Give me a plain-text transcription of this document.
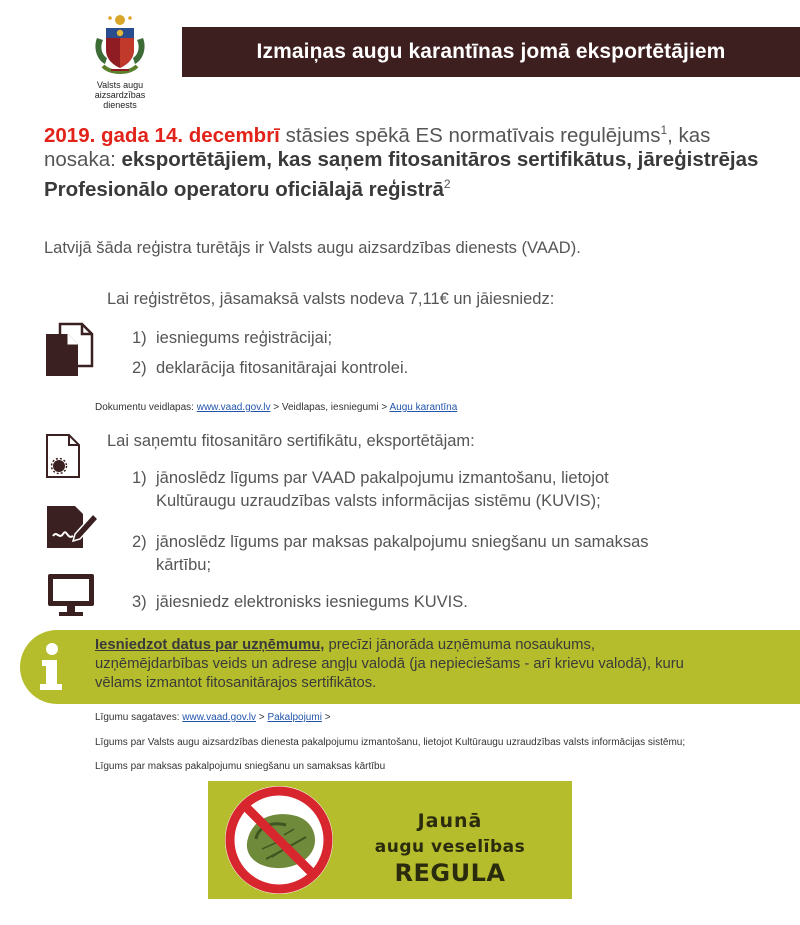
Valsts augu
aizsardzības dienests
Izmaiņas augu karantīnas jomā eksportētājiem
2019. gada 14. decembrī stāsies spēkā ES normatīvais regulējums$^1$, kas nosaka: eksportētājiem, kas saņem fitosanitāros sertifikātus, jāreģistrējas Profesionālo operatoru oficiālajā reģistrā$^2$
Latvijā šāda reģistra turētājs ir Valsts augu aizsardzības dienests (VAAD).
Lai reģistrētos, jāsamaksā valsts nodeva 7,11€ un jāiesniedz:
1) iesniegums reģistrācijai;
2) deklarācija fitosanitārajai kontrolei.
Dokumentu veidlapas: www.vaad.gov.lv > Veidlapas, iesniegumi > Augu karantīna
Lai saņemtu fitosanitāro sertifikātu, eksportētājam:
1) jānoslēdz līgums par VAAD pakalpojumu izmantošanu, lietojot
Kultūraugu uzraudzības valsts informācijas sistēmu (KUVIS);
2) jānoslēdz līgums par maksas pakalpojumu sniegšanu un samaksas
kārtību;
3) jāiesniedz elektronisks iesniegums KUVIS.
Iesniedzot datus par uzņēmumu, precīzi jānorāda uzņēmuma nosaukums,
uzņēmējdarbības veids un adrese angļu valodā (ja nepieciešams - arī krievu valodā), kuru
vēlams izmantot fitosanitārajos sertifikātos.
Līgumu sagataves: www.vaad.gov.lv > Pakalpojumi >
Līgums par Valsts augu aizsardzības dienesta pakalpojumu izmantošanu, lietojot Kultūraugu uzraudzības valsts informācijas sistēmu;
Līgums par maksas pakalpojumu sniegšanu un samaksas kārtību
Jaunā
augu veselības
REGULA
